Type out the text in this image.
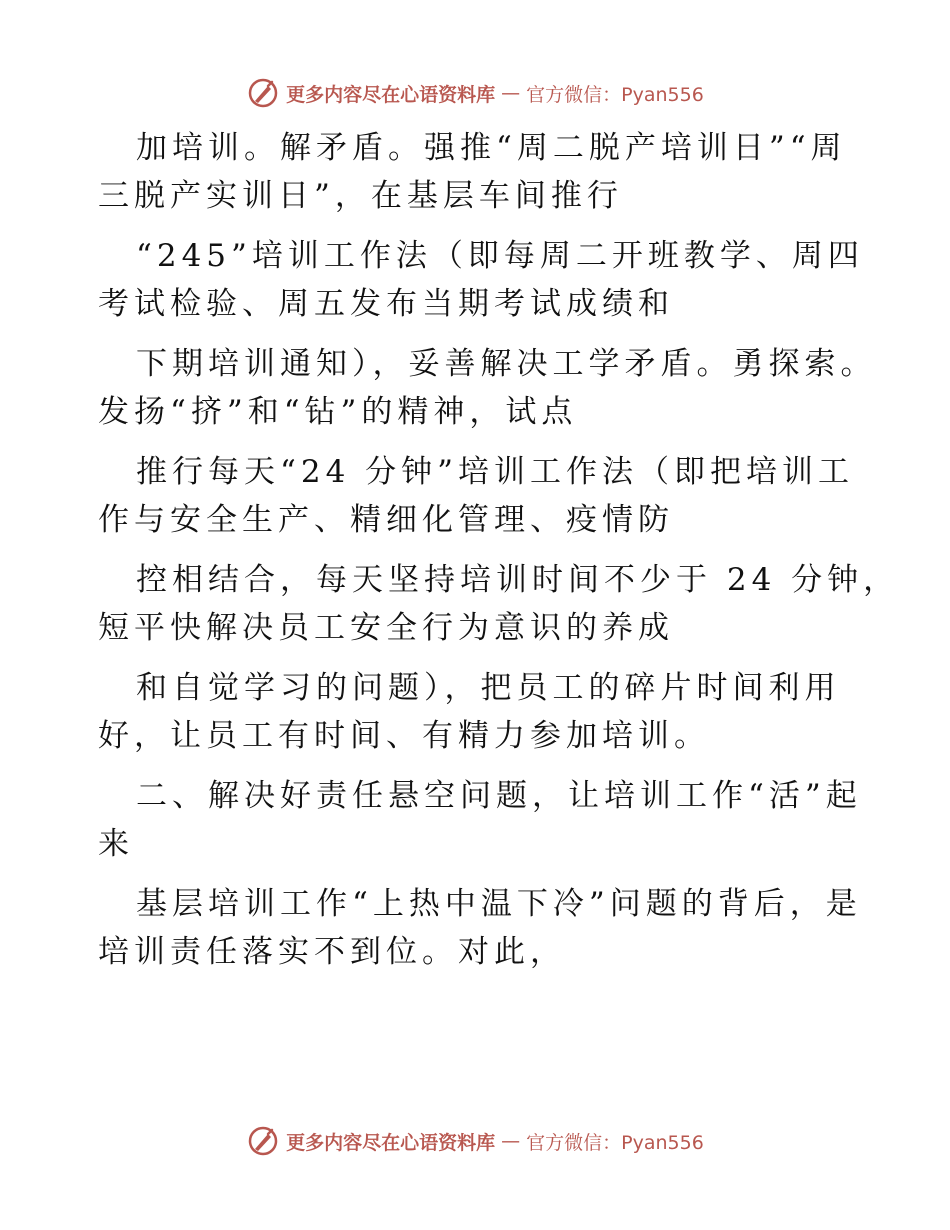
更多内容尽在心语资料库 — 官方微信：Pyan556
加培训。解矛盾。强推“周二脱产培训日”“周
三脱产实训日”，在基层车间推行
“245”培训工作法（即每周二开班教学、周四
考试检验、周五发布当期考试成绩和
下期培训通知），妥善解决工学矛盾。勇探索。
发扬“挤”和“钻”的精神，试点
推行每天“24 分钟”培训工作法（即把培训工
作与安全生产、精细化管理、疫情防
控相结合，每天坚持培训时间不少于 24 分钟，
短平快解决员工安全行为意识的养成
和自觉学习的问题），把员工的碎片时间利用
好，让员工有时间、有精力参加培训。
二、解决好责任悬空问题，让培训工作“活”起
来
基层培训工作“上热中温下冷”问题的背后，是
培训责任落实不到位。对此，
更多内容尽在心语资料库 — 官方微信：Pyan556
